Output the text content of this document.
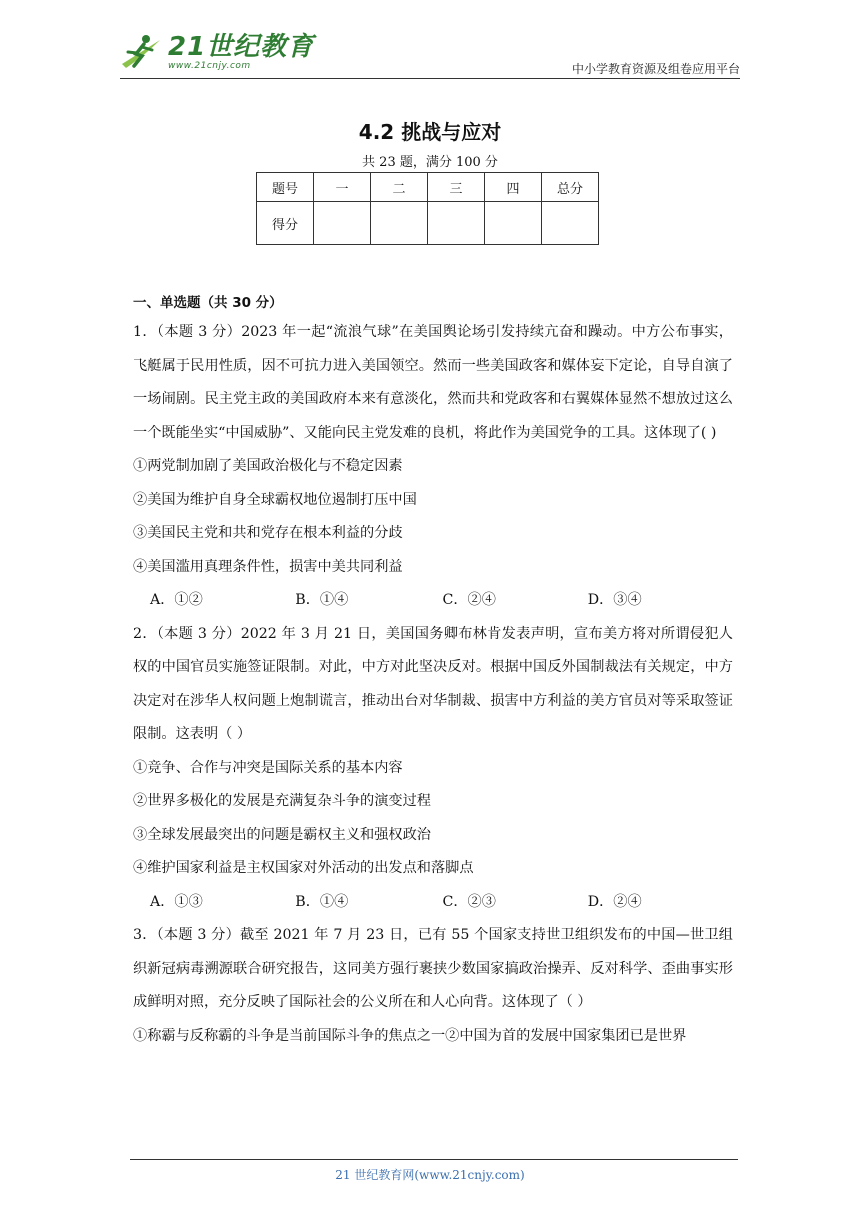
21世纪教育
www.21cnjy.com	中小学教育资源及组卷应用平台
4.2 挑战与应对
共 23 题，满分 100 分
题号	一	二	三	四	总分
得分					
一、单选题（共 30 分）
1．（本题 3 分）2023 年一起“流浪气球”在美国舆论场引发持续亢奋和躁动。中方公布事实，飞艇属于民用性质，因不可抗力进入美国领空。然而一些美国政客和媒体妄下定论，自导自演了一场闹剧。民主党主政的美国政府本来有意淡化，然而共和党政客和右翼媒体显然不想放过这么一个既能坐实“中国威胁”、又能向民主党发难的良机，将此作为美国党争的工具。这体现了( )
①两党制加剧了美国政治极化与不稳定因素
②美国为维护自身全球霸权地位遏制打压中国
③美国民主党和共和党存在根本利益的分歧
④美国滥用真理条件性，损害中美共同利益
A．①②	B．①④	C．②④	D．③④
2．（本题 3 分）2022 年 3 月 21 日，美国国务卿布林肯发表声明，宣布美方将对所谓侵犯人权的中国官员实施签证限制。对此，中方对此坚决反对。根据中国反外国制裁法有关规定，中方决定对在涉华人权问题上炮制谎言，推动出台对华制裁、损害中方利益的美方官员对等采取签证限制。这表明（ ）
①竞争、合作与冲突是国际关系的基本内容
②世界多极化的发展是充满复杂斗争的演变过程
③全球发展最突出的问题是霸权主义和强权政治
④维护国家利益是主权国家对外活动的出发点和落脚点
A．①③	B．①④	C．②③	D．②④
3．（本题 3 分）截至 2021 年 7 月 23 日，已有 55 个国家支持世卫组织发布的中国—世卫组织新冠病毒溯源联合研究报告，这同美方强行裹挟少数国家搞政治操弄、反对科学、歪曲事实形成鲜明对照，充分反映了国际社会的公义所在和人心向背。这体现了（ ）
①称霸与反称霸的斗争是当前国际斗争的焦点之一②中国为首的发展中国家集团已是世界
21 世纪教育网(www.21cnjy.com)
